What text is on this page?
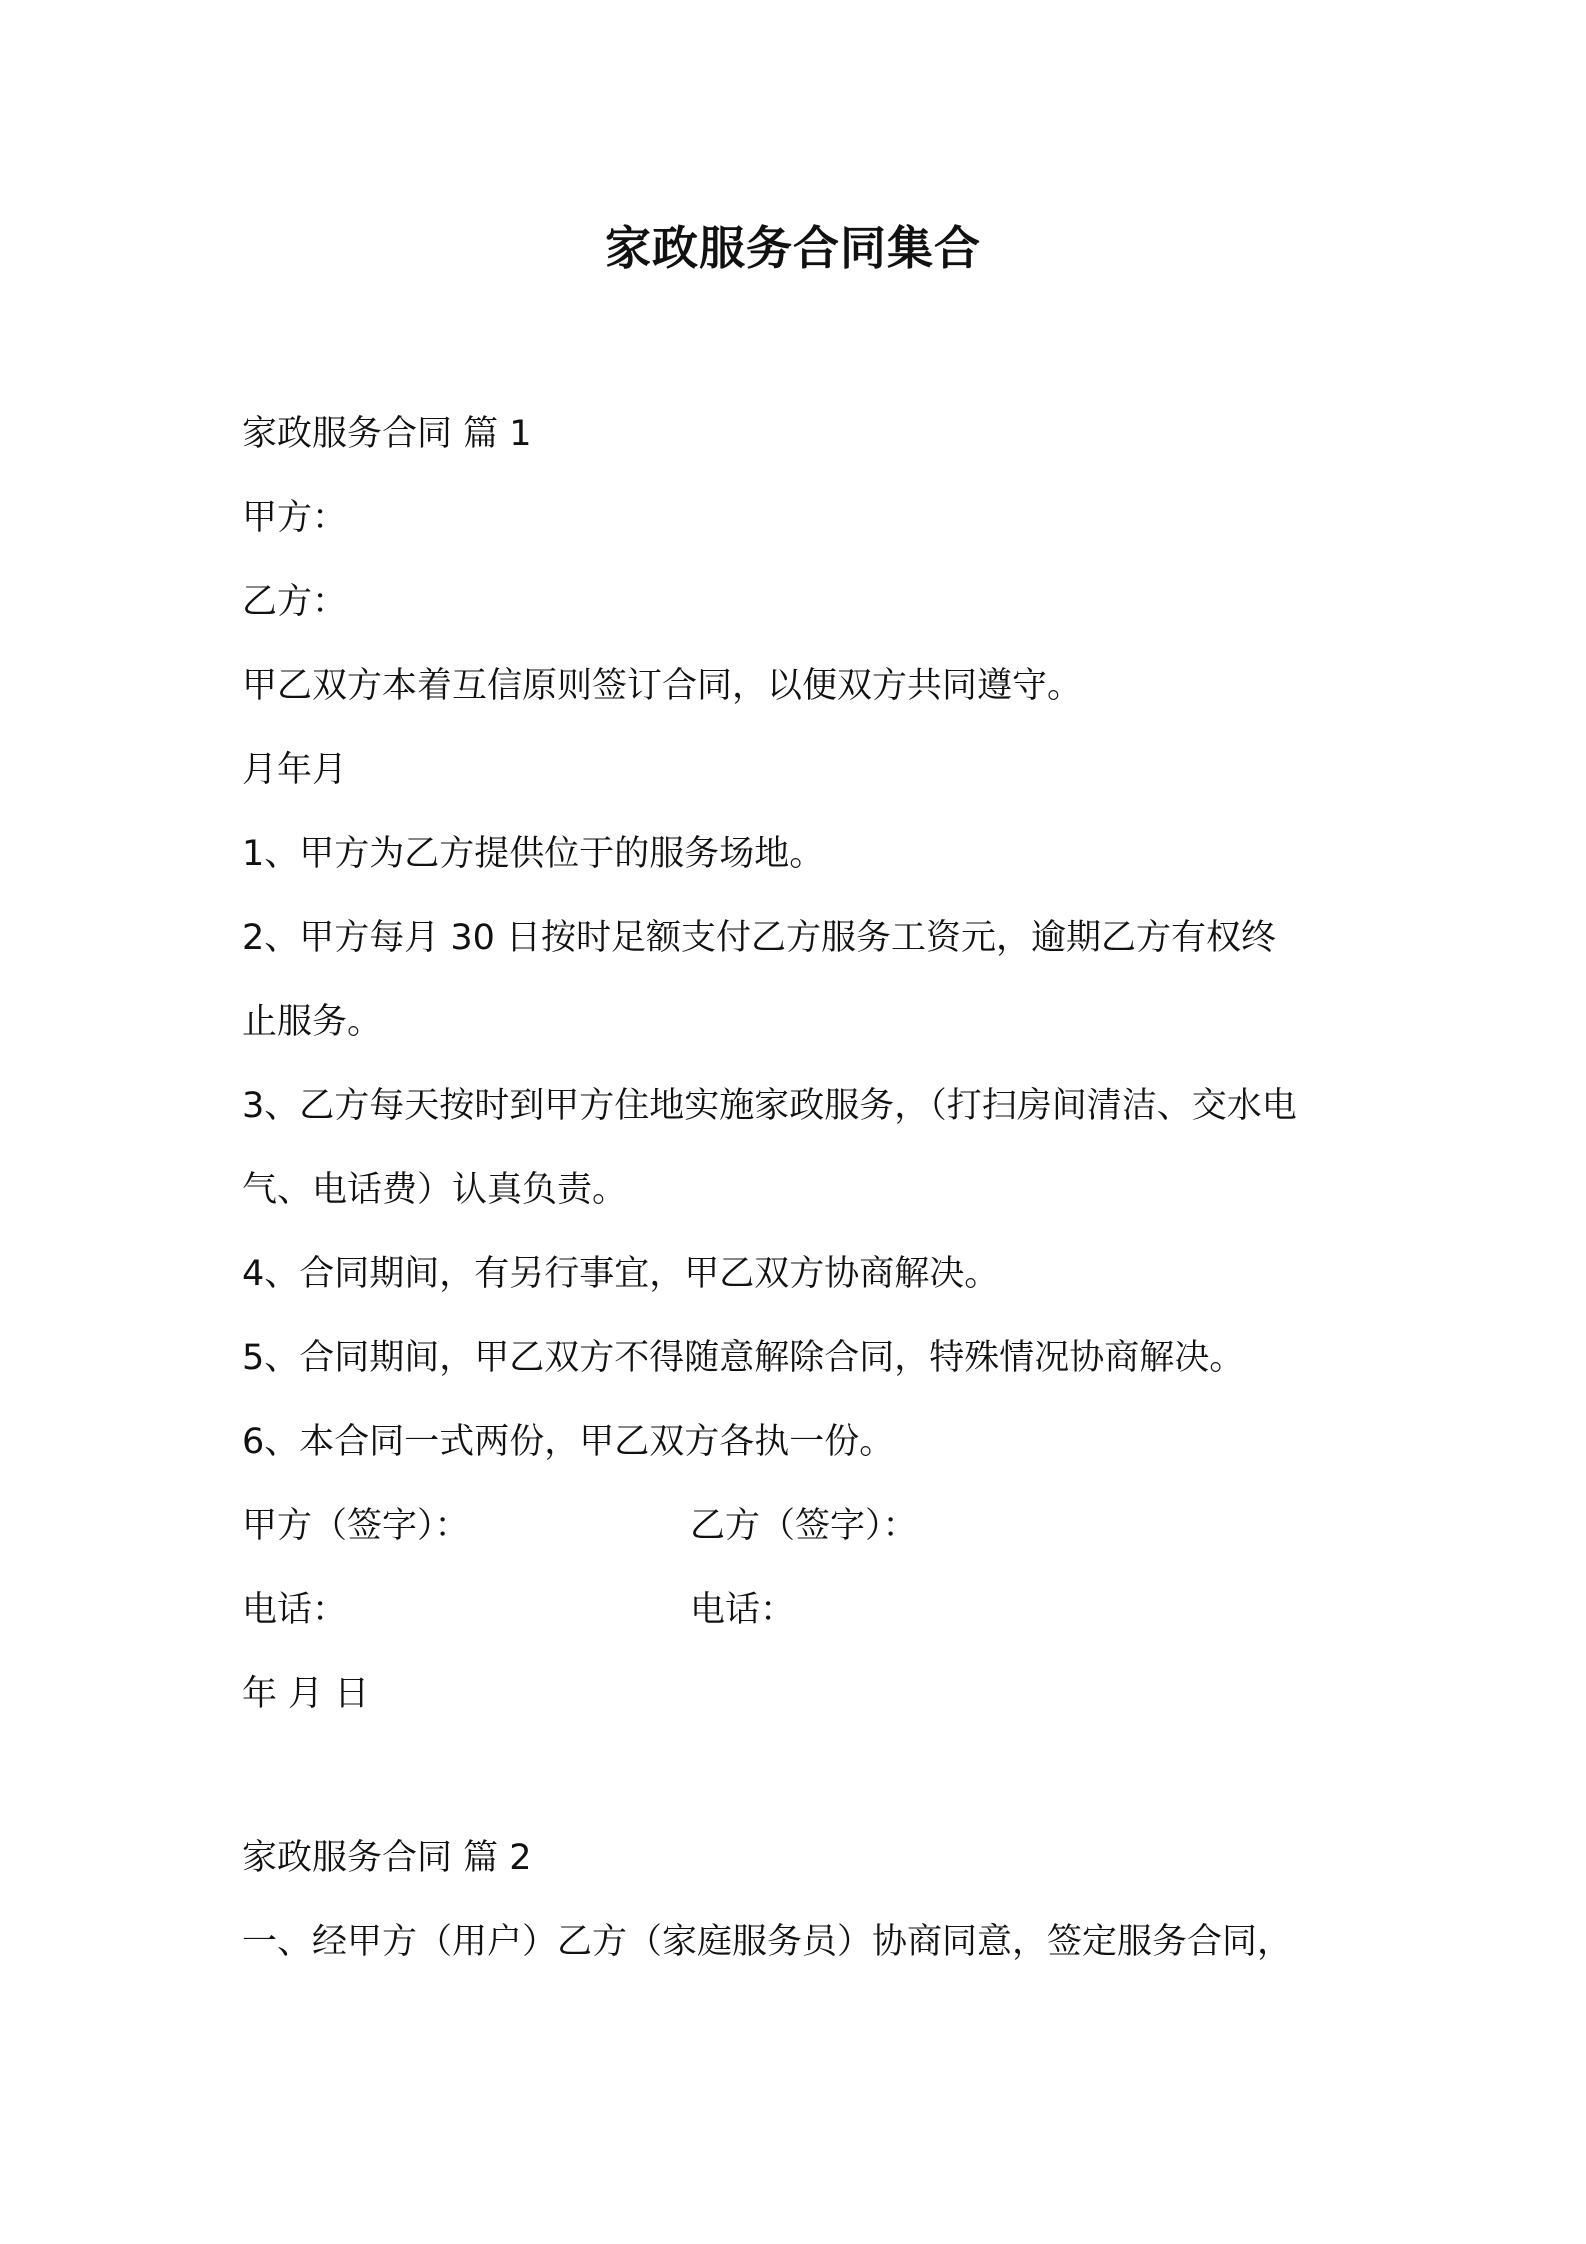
家政服务合同集合
家政服务合同 篇 1
甲方：
乙方：
甲乙双方本着互信原则签订合同，以便双方共同遵守。
月年月
1、甲方为乙方提供位于的服务场地。
2、甲方每月 30 日按时足额支付乙方服务工资元，逾期乙方有权终
止服务。
3、乙方每天按时到甲方住地实施家政服务，（打扫房间清洁、交水电
气、电话费）认真负责。
4、合同期间，有另行事宜，甲乙双方协商解决。
5、合同期间，甲乙双方不得随意解除合同，特殊情况协商解决。
6、本合同一式两份，甲乙双方各执一份。
甲方（签字）：	乙方（签字）：
电话：	电话：
年 月 日
家政服务合同 篇 2
一、经甲方（用户）乙方（家庭服务员）协商同意，签定服务合同，
